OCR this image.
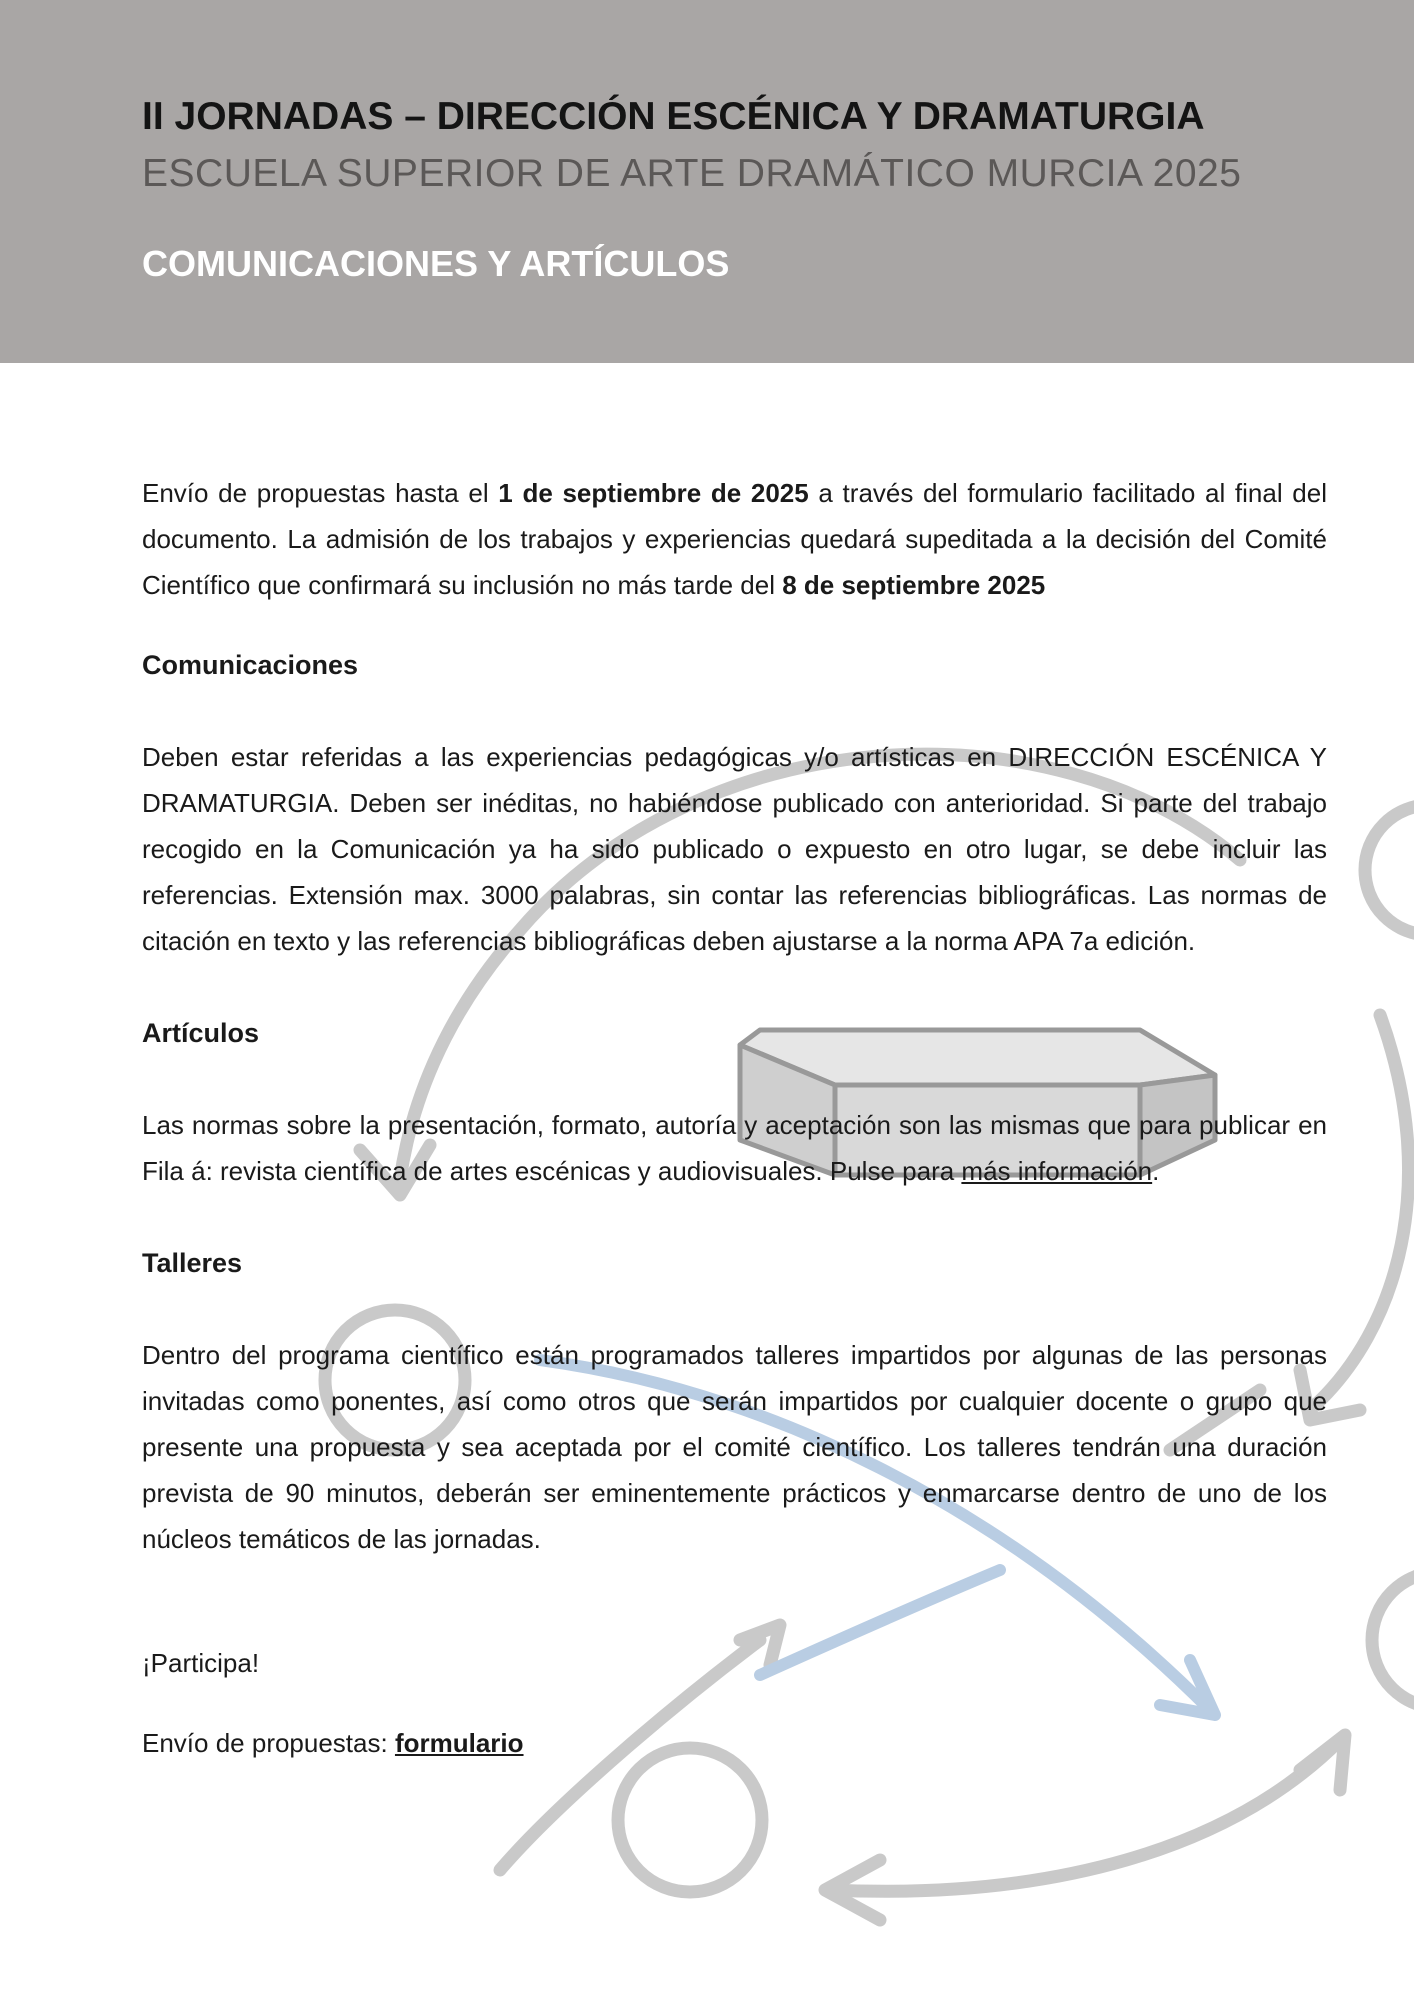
II JORNADAS – DIRECCIÓN ESCÉNICA Y DRAMATURGIA
ESCUELA SUPERIOR DE ARTE DRAMÁTICO MURCIA 2025
COMUNICACIONES Y ARTÍCULOS

Envío de propuestas hasta el 1 de septiembre de 2025 a través del formulario facilitado al final del documento. La admisión de los trabajos y experiencias quedará supeditada a la decisión del Comité Científico que confirmará su inclusión no más tarde del 8 de septiembre 2025

Comunicaciones

Deben estar referidas a las experiencias pedagógicas y/o artísticas en DIRECCIÓN ESCÉNICA Y DRAMATURGIA. Deben ser inéditas, no habiéndose publicado con anterioridad. Si parte del trabajo recogido en la Comunicación ya ha sido publicado o expuesto en otro lugar, se debe incluir las referencias. Extensión max. 3000 palabras, sin contar las referencias bibliográficas. Las normas de citación en texto y las referencias bibliográficas deben ajustarse a la norma APA 7a edición.

Artículos

Las normas sobre la presentación, formato, autoría y aceptación son las mismas que para publicar en Fila á: revista científica de artes escénicas y audiovisuales. Pulse para más información.

Talleres

Dentro del programa científico están programados talleres impartidos por algunas de las personas invitadas como ponentes, así como otros que serán impartidos por cualquier docente o grupo que presente una propuesta y sea aceptada por el comité científico. Los talleres tendrán una duración prevista de 90 minutos, deberán ser eminentemente prácticos y enmarcarse dentro de uno de los núcleos temáticos de las jornadas.

¡Participa!

Envío de propuestas: formulario
